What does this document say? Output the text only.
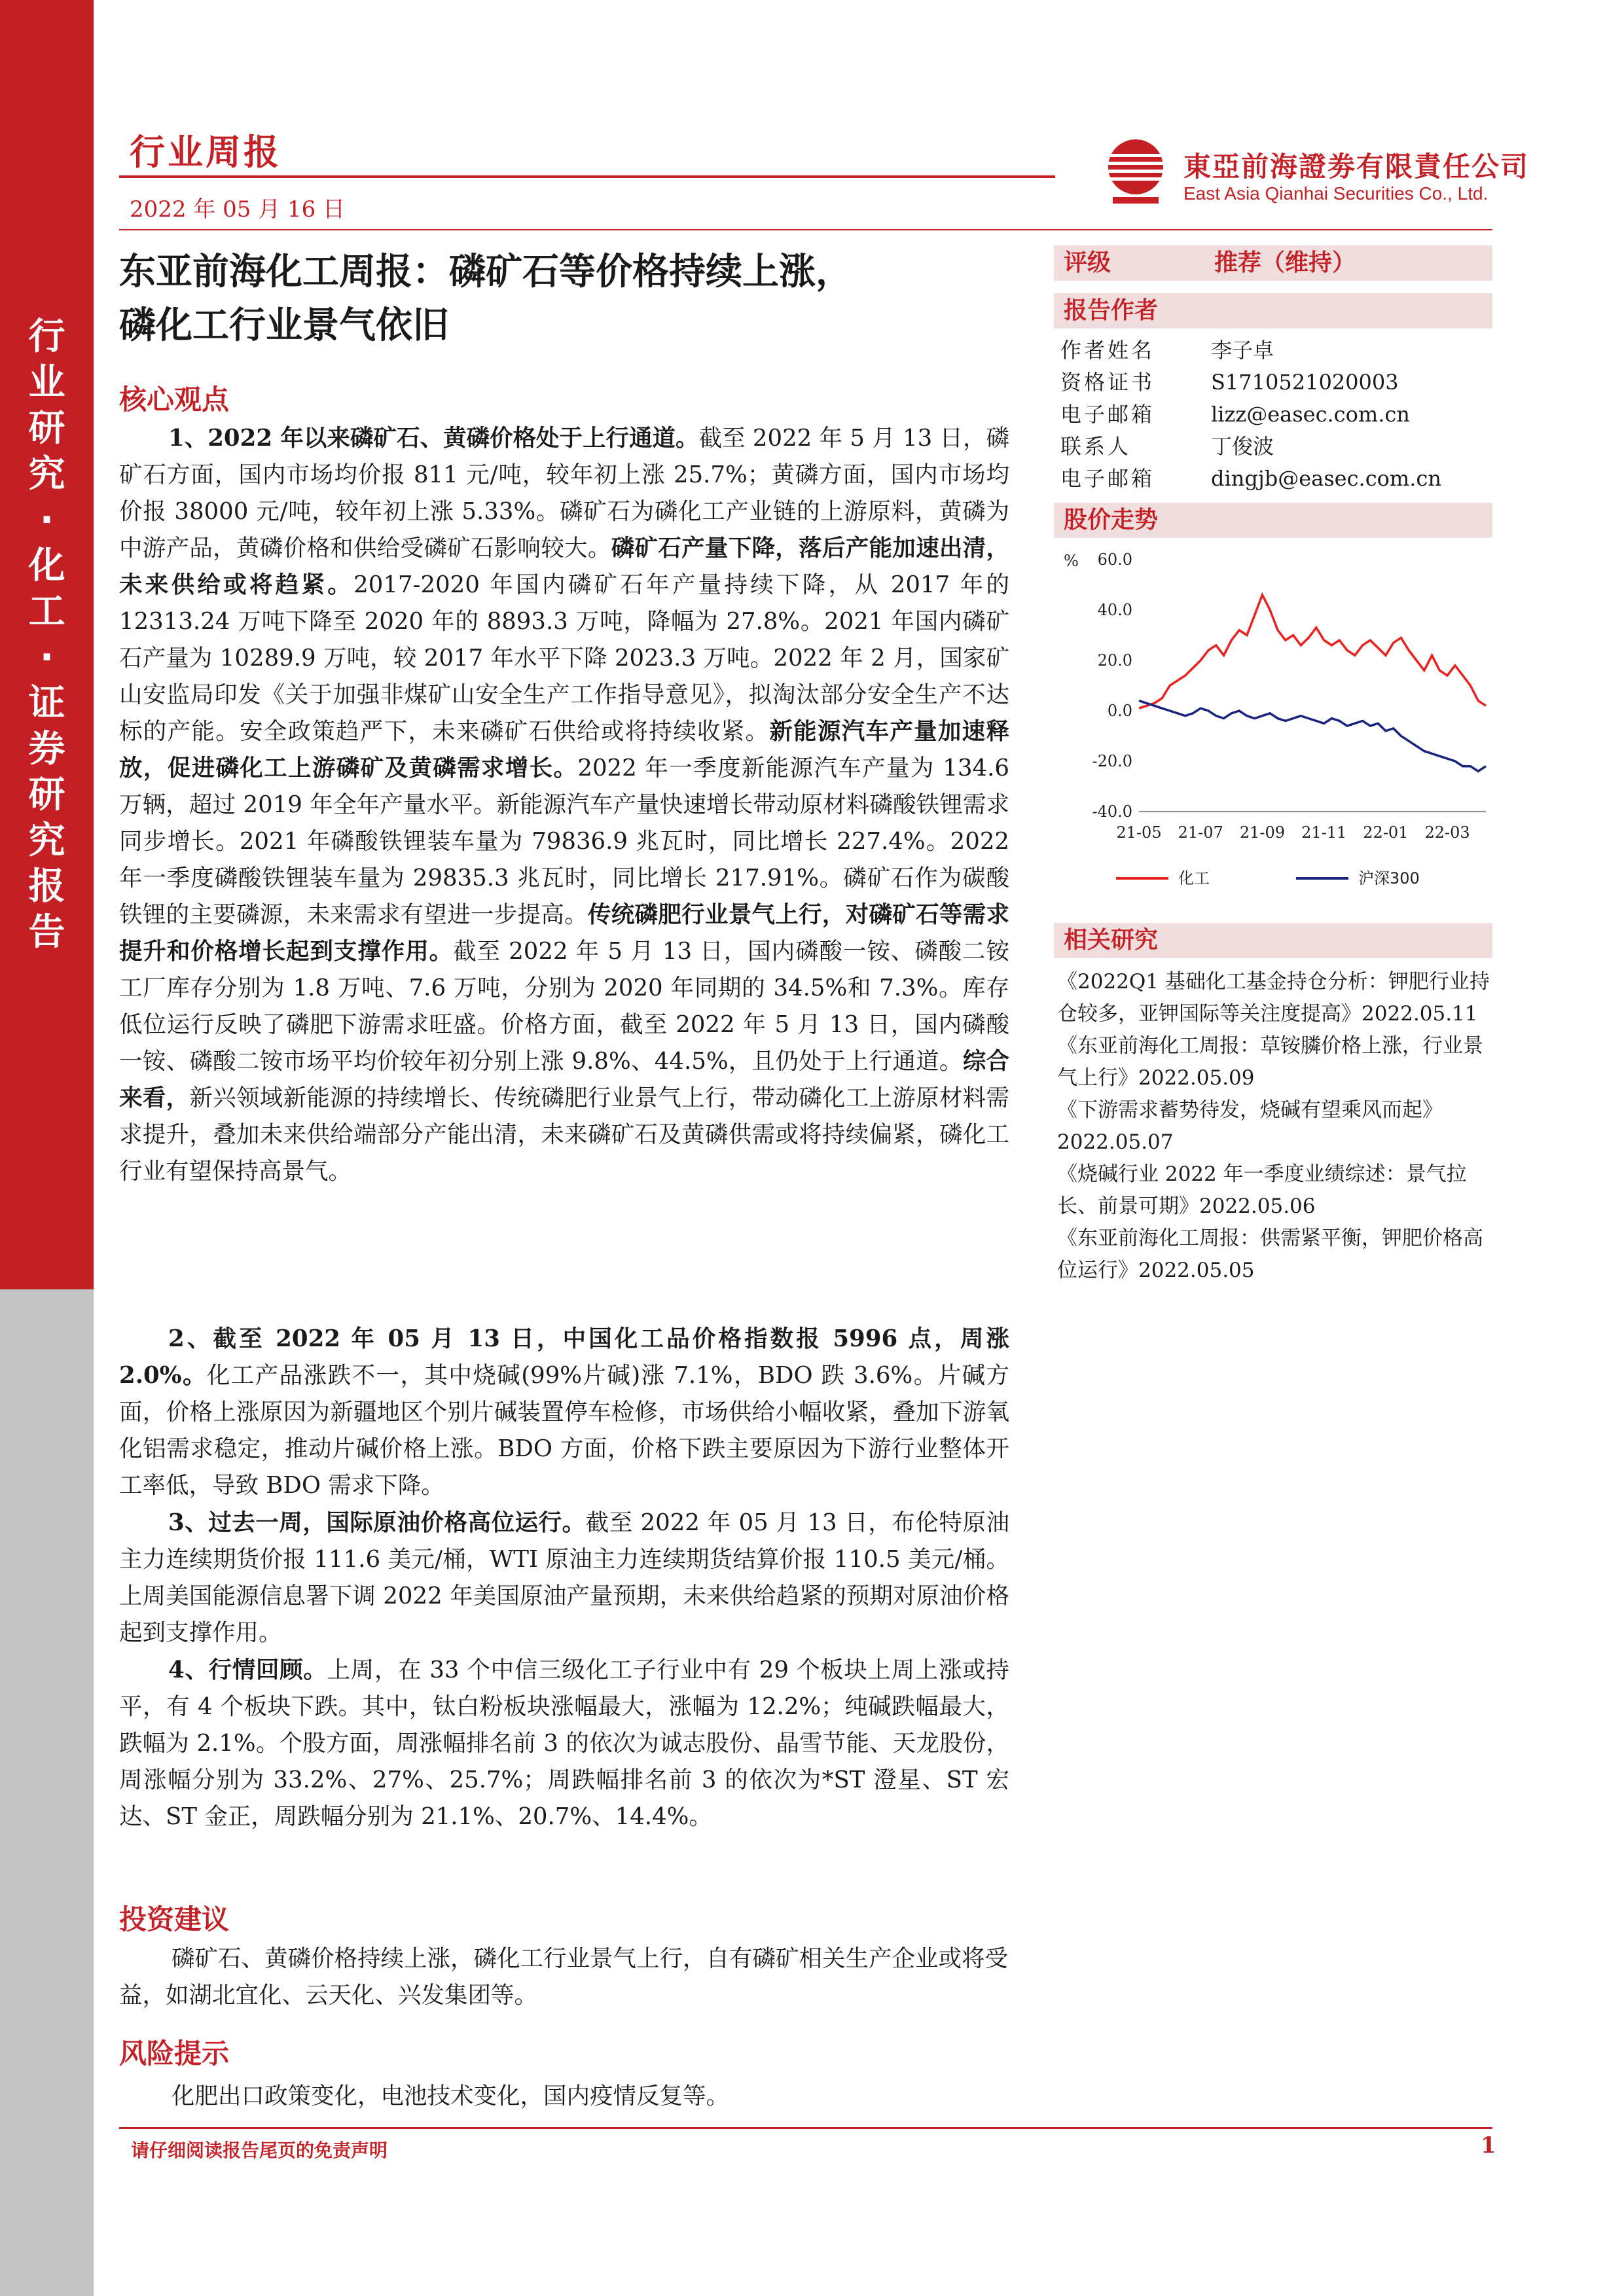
行
业
研
究
·
化
工
·
证
券
研
究
报
告
行业周报
2022 年 05 月 16 日
東亞前海證劵有限責任公司
East Asia Qianhai Securities Co., Ltd.
东亚前海化工周报：磷矿石等价格持续上涨，
磷化工行业景气依旧
核心观点

1、2022 年以来磷矿石、黄磷价格处于上行通道。截至 2022 年 5 月 13 日，磷矿石方面，国内市场均价报 811 元/吨，较年初上涨 25.7%；黄磷方面，国内市场均价报 38000 元/吨，较年初上涨 5.33%。磷矿石为磷化工产业链的上游原料，黄磷为中游产品，黄磷价格和供给受磷矿石影响较大。磷矿石产量下降，落后产能加速出清，未来供给或将趋紧。2017-2020 年国内磷矿石年产量持续下降，从 2017 年的 12313.24 万吨下降至 2020 年的 8893.3 万吨，降幅为 27.8%。2021 年国内磷矿石产量为 10289.9 万吨，较 2017 年水平下降 2023.3 万吨。2022 年 2 月，国家矿山安监局印发《关于加强非煤矿山安全生产工作指导意见》，拟淘汰部分安全生产不达标的产能。安全政策趋严下，未来磷矿石供给或将持续收紧。新能源汽车产量加速释放，促进磷化工上游磷矿及黄磷需求增长。2022 年一季度新能源汽车产量为 134.6 万辆，超过 2019 年全年产量水平。新能源汽车产量快速增长带动原材料磷酸铁锂需求同步增长。2021 年磷酸铁锂装车量为 79836.9 兆瓦时，同比增长 227.4%。2022 年一季度磷酸铁锂装车量为 29835.3 兆瓦时，同比增长 217.91%。磷矿石作为碳酸铁锂的主要磷源，未来需求有望进一步提高。传统磷肥行业景气上行，对磷矿石等需求提升和价格增长起到支撑作用。截至 2022 年 5 月 13 日，国内磷酸一铵、磷酸二铵工厂库存分别为 1.8 万吨、7.6 万吨，分别为 2020 年同期的 34.5%和 7.3%。库存低位运行反映了磷肥下游需求旺盛。价格方面，截至 2022 年 5 月 13 日，国内磷酸一铵、磷酸二铵市场平均价较年初分别上涨 9.8%、44.5%，且仍处于上行通道。综合来看，新兴领域新能源的持续增长、传统磷肥行业景气上行，带动磷化工上游原材料需求提升，叠加未来供给端部分产能出清，未来磷矿石及黄磷供需或将持续偏紧，磷化工行业有望保持高景气。

2、截至 2022 年 05 月 13 日，中国化工品价格指数报 5996 点，周涨 2.0%。化工产品涨跌不一，其中烧碱(99%片碱)涨 7.1%，BDO 跌 3.6%。片碱方面，价格上涨原因为新疆地区个别片碱装置停车检修，市场供给小幅收紧，叠加下游氧化铝需求稳定，推动片碱价格上涨。BDO 方面，价格下跌主要原因为下游行业整体开工率低，导致 BDO 需求下降。

3、过去一周，国际原油价格高位运行。截至 2022 年 05 月 13 日，布伦特原油主力连续期货价报 111.6 美元/桶，WTI 原油主力连续期货结算价报 110.5 美元/桶。上周美国能源信息署下调 2022 年美国原油产量预期，未来供给趋紧的预期对原油价格起到支撑作用。

4、行情回顾。上周，在 33 个中信三级化工子行业中有 29 个板块上周上涨或持平，有 4 个板块下跌。其中，钛白粉板块涨幅最大，涨幅为 12.2%；纯碱跌幅最大，跌幅为 2.1%。个股方面，周涨幅排名前 3 的依次为诚志股份、晶雪节能、天龙股份，周涨幅分别为 33.2%、27%、25.7%；周跌幅排名前 3 的依次为*ST 澄星、ST 宏达、ST 金正，周跌幅分别为 21.1%、20.7%、14.4%。

投资建议
磷矿石、黄磷价格持续上涨，磷化工行业景气上行，自有磷矿相关生产企业或将受益，如湖北宜化、云天化、兴发集团等。
风险提示
化肥出口政策变化，电池技术变化，国内疫情反复等。
评级	推荐（维持）
报告作者
作者姓名	李子卓
资格证书	S1710521020003
电子邮箱	lizz@easec.com.cn
联系人	丁俊波
电子邮箱	dingjb@easec.com.cn
股价走势
% 60.0
40.0
20.0
0.0
-20.0
-40.0
21-05 21-07 21-09 21-11 22-01 22-03
化工	沪深300
相关研究
《2022Q1 基础化工基金持仓分析：钾肥行业持仓较多，亚钾国际等关注度提高》2022.05.11
《东亚前海化工周报：草铵膦价格上涨，行业景气上行》2022.05.09
《下游需求蓄势待发，烧碱有望乘风而起》2022.05.07
《烧碱行业 2022 年一季度业绩综述：景气拉长、前景可期》2022.05.06
《东亚前海化工周报：供需紧平衡，钾肥价格高位运行》2022.05.05
请仔细阅读报告尾页的免责声明	1
